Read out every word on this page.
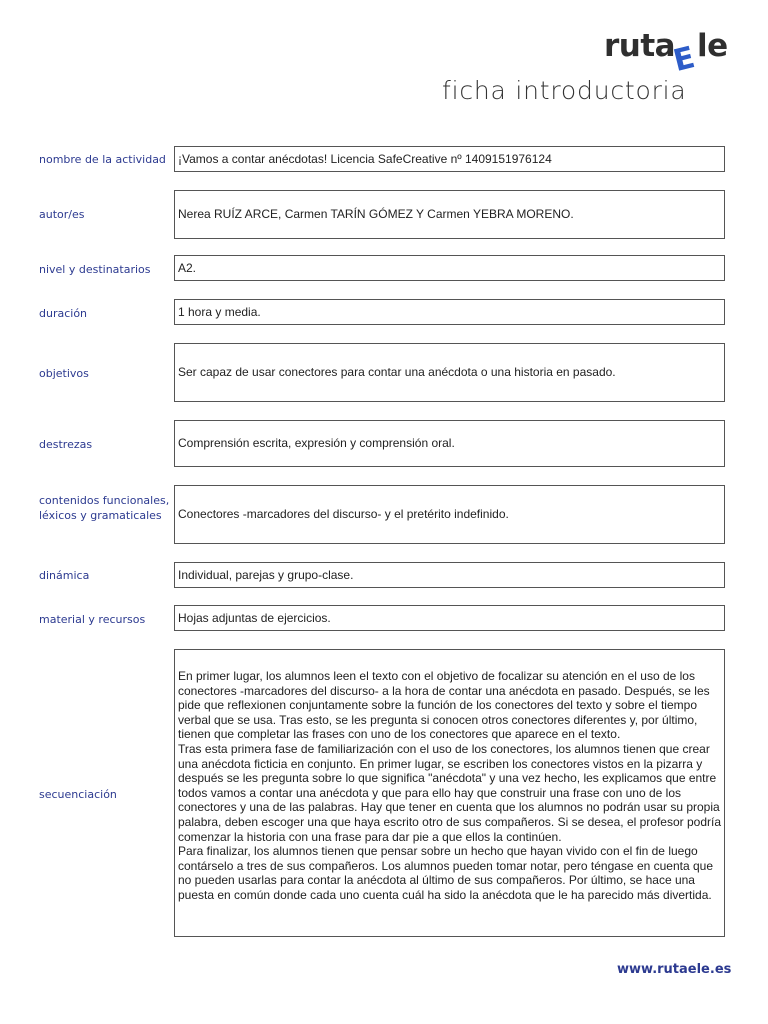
ruta
E
le
ficha introductoria
nombre de la actividad	¡Vamos a contar anécdotas! Licencia SafeCreative nº 1409151976124
autor/es	Nerea RUÍZ ARCE, Carmen TARÍN GÓMEZ Y Carmen YEBRA MORENO.
nivel y destinatarios	A2.
duración	1 hora y media.
objetivos	Ser capaz de usar conectores para contar una anécdota o una historia en pasado.
destrezas	Comprensión escrita, expresión y comprensión oral.
contenidos funcionales, léxicos y gramaticales	Conectores -marcadores del discurso- y el pretérito indefinido.
dinámica	Individual, parejas y grupo-clase.
material y recursos	Hojas adjuntas de ejercicios.
secuenciación
En primer lugar, los alumnos leen el texto con el objetivo de focalizar su atención en el uso de los
conectores -marcadores del discurso- a la hora de contar una anécdota en pasado. Después, se les
pide que reflexionen conjuntamente sobre la función de los conectores del texto y sobre el tiempo
verbal que se usa. Tras esto, se les pregunta si conocen otros conectores diferentes y, por último,
tienen que completar las frases con uno de los conectores que aparece en el texto.
Tras esta primera fase de familiarización con el uso de los conectores, los alumnos tienen que crear
una anécdota ficticia en conjunto. En primer lugar, se escriben los conectores vistos en la pizarra y
después se les pregunta sobre lo que significa "anécdota" y una vez hecho, les explicamos que entre
todos vamos a contar una anécdota y que para ello hay que construir una frase con uno de los
conectores y una de las palabras. Hay que tener en cuenta que los alumnos no podrán usar su propia
palabra, deben escoger una que haya escrito otro de sus compañeros. Si se desea, el profesor podría
comenzar la historia con una frase para dar pie a que ellos la continúen.
Para finalizar, los alumnos tienen que pensar sobre un hecho que hayan vivido con el fin de luego
contárselo a tres de sus compañeros. Los alumnos pueden tomar notar, pero téngase en cuenta que
no pueden usarlas para contar la anécdota al último de sus compañeros. Por último, se hace una
puesta en común donde cada uno cuenta cuál ha sido la anécdota que le ha parecido más divertida.
www.rutaele.es
